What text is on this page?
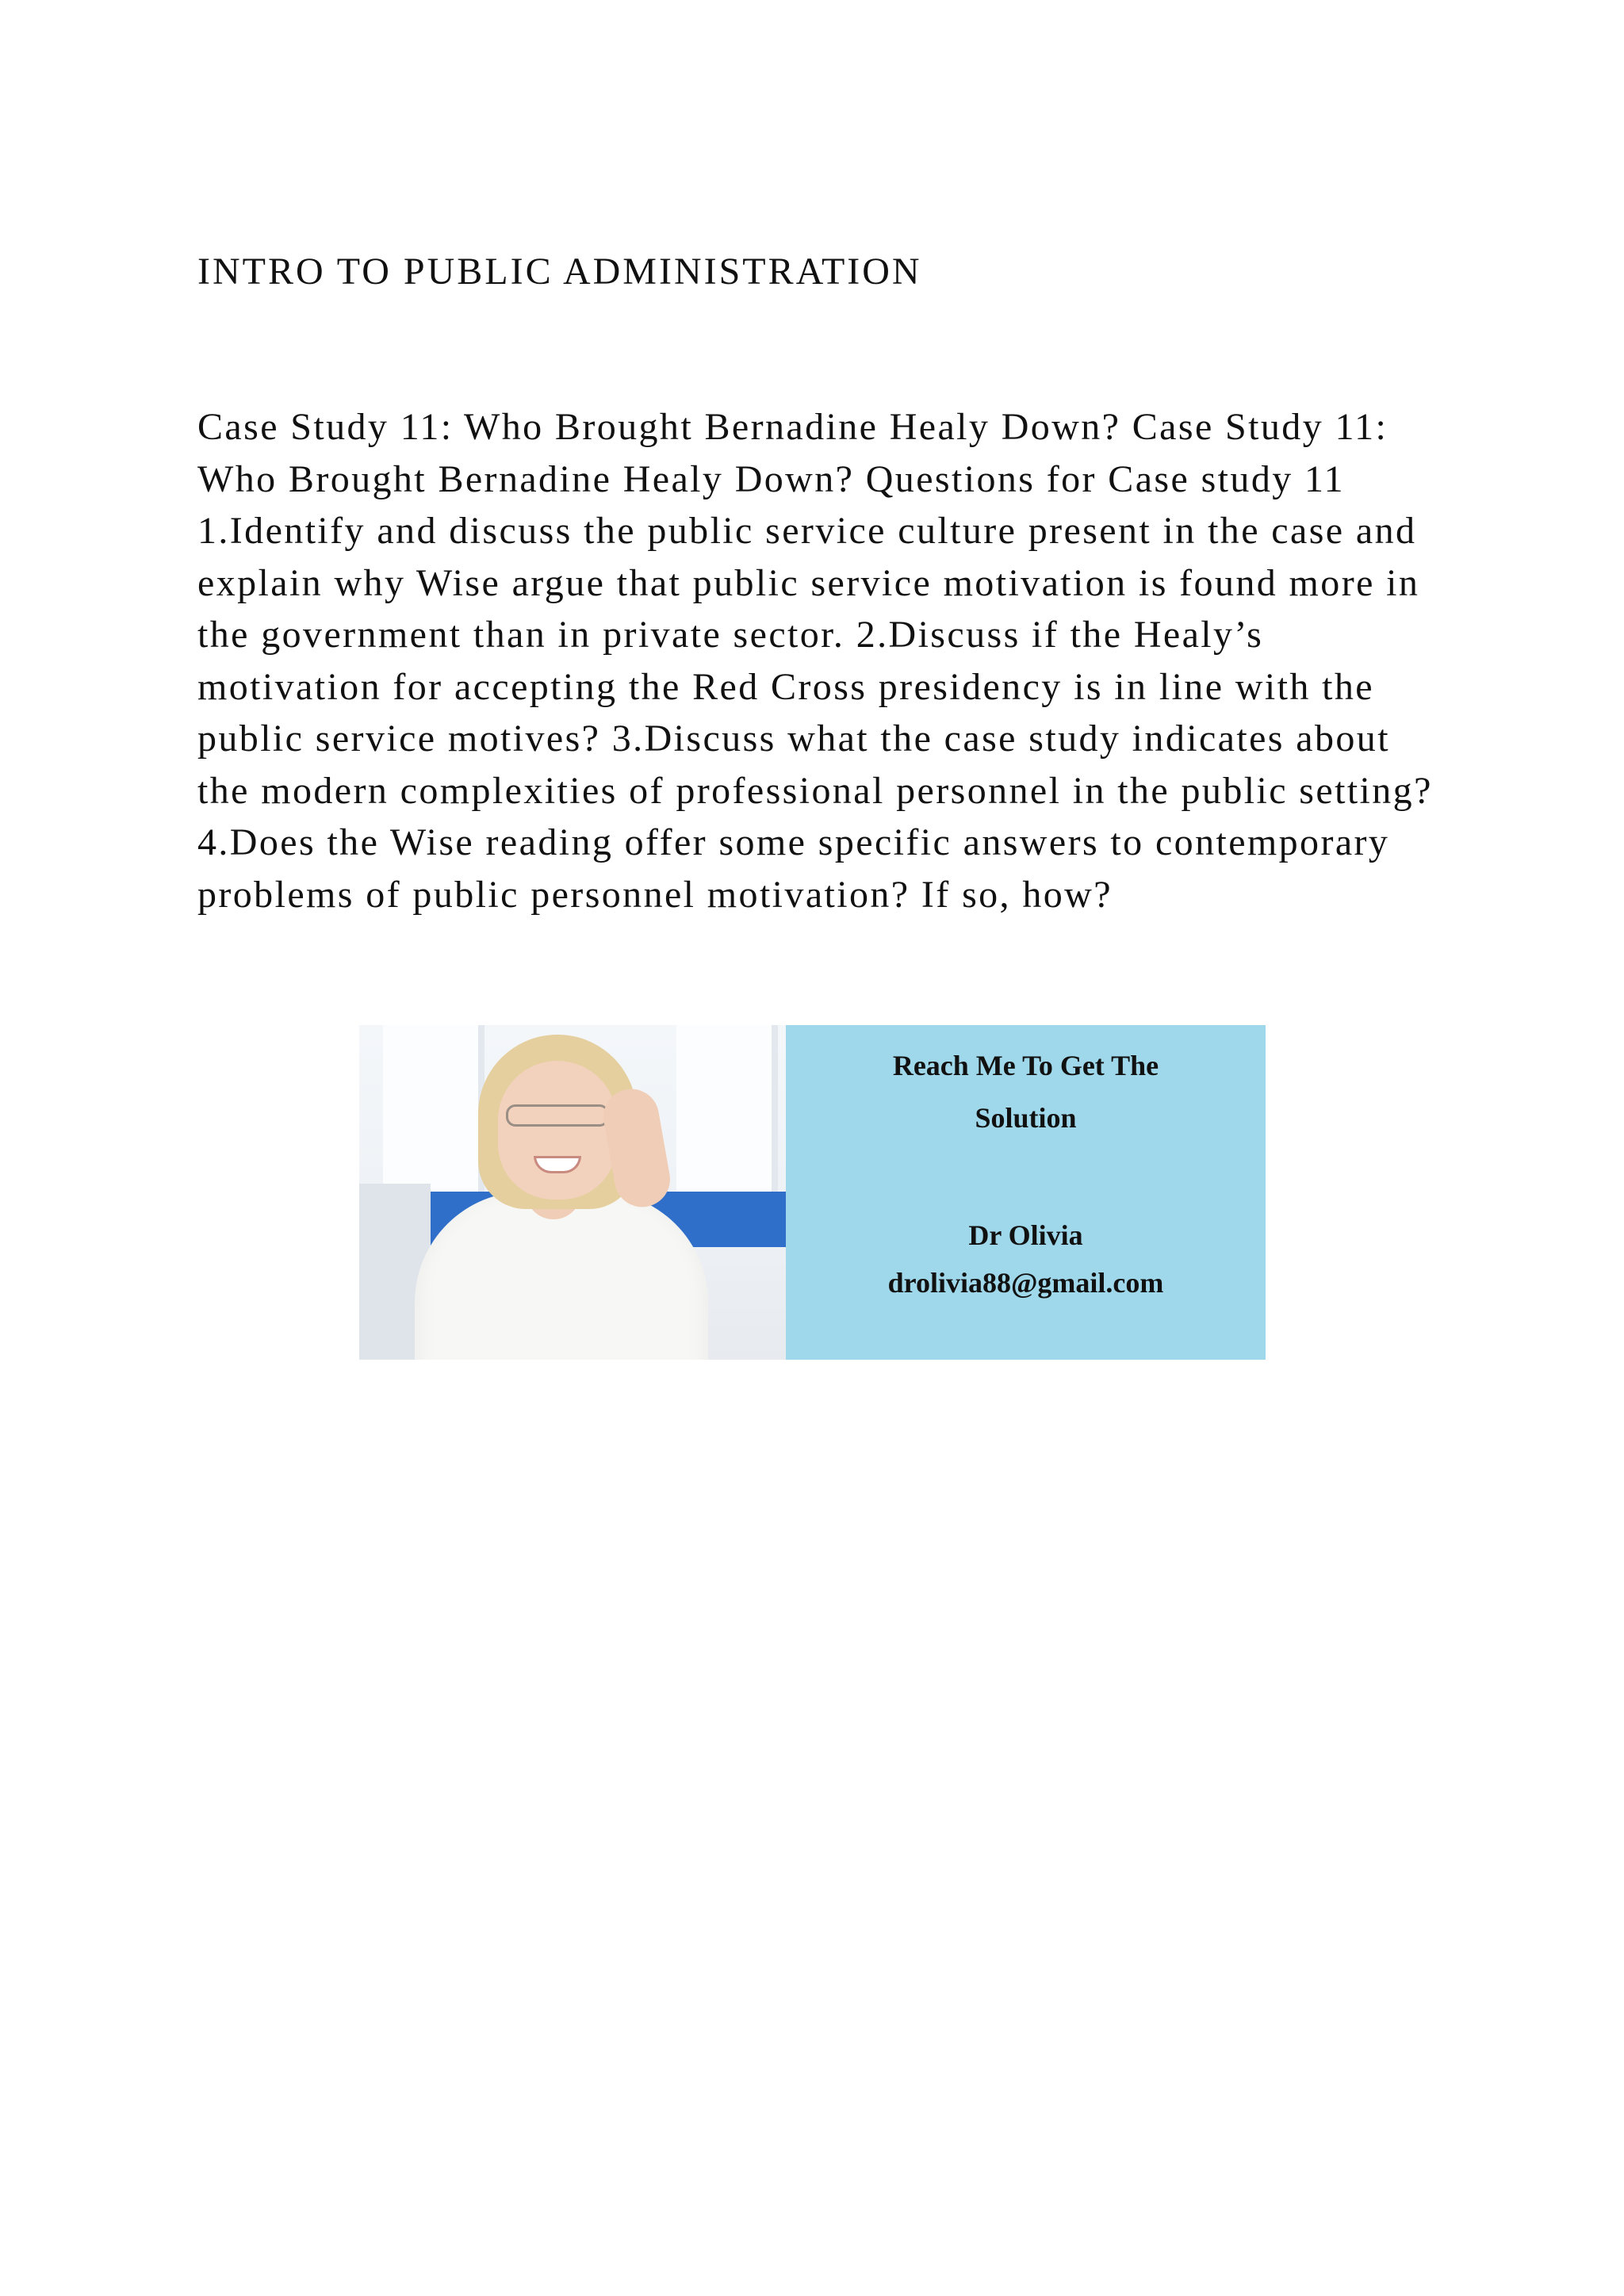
INTRO TO PUBLIC ADMINISTRATION

Case Study 11: Who Brought Bernadine Healy Down? Case Study 11: Who Brought Bernadine Healy Down? Questions for Case study 11 1.Identify and discuss the public service culture present in the case and explain why Wise argue that public service motivation is found more in the government than in private sector. 2.Discuss if the Healy’s motivation for accepting the Red Cross presidency is in line with the public service motives? 3.Discuss what the case study indicates about the modern complexities of professional personnel in the public setting? 4.Does the Wise reading offer some specific answers to contemporary problems of public personnel motivation? If so, how?

Reach Me To Get The

Solution

Dr Olivia

drolivia88@gmail.com
